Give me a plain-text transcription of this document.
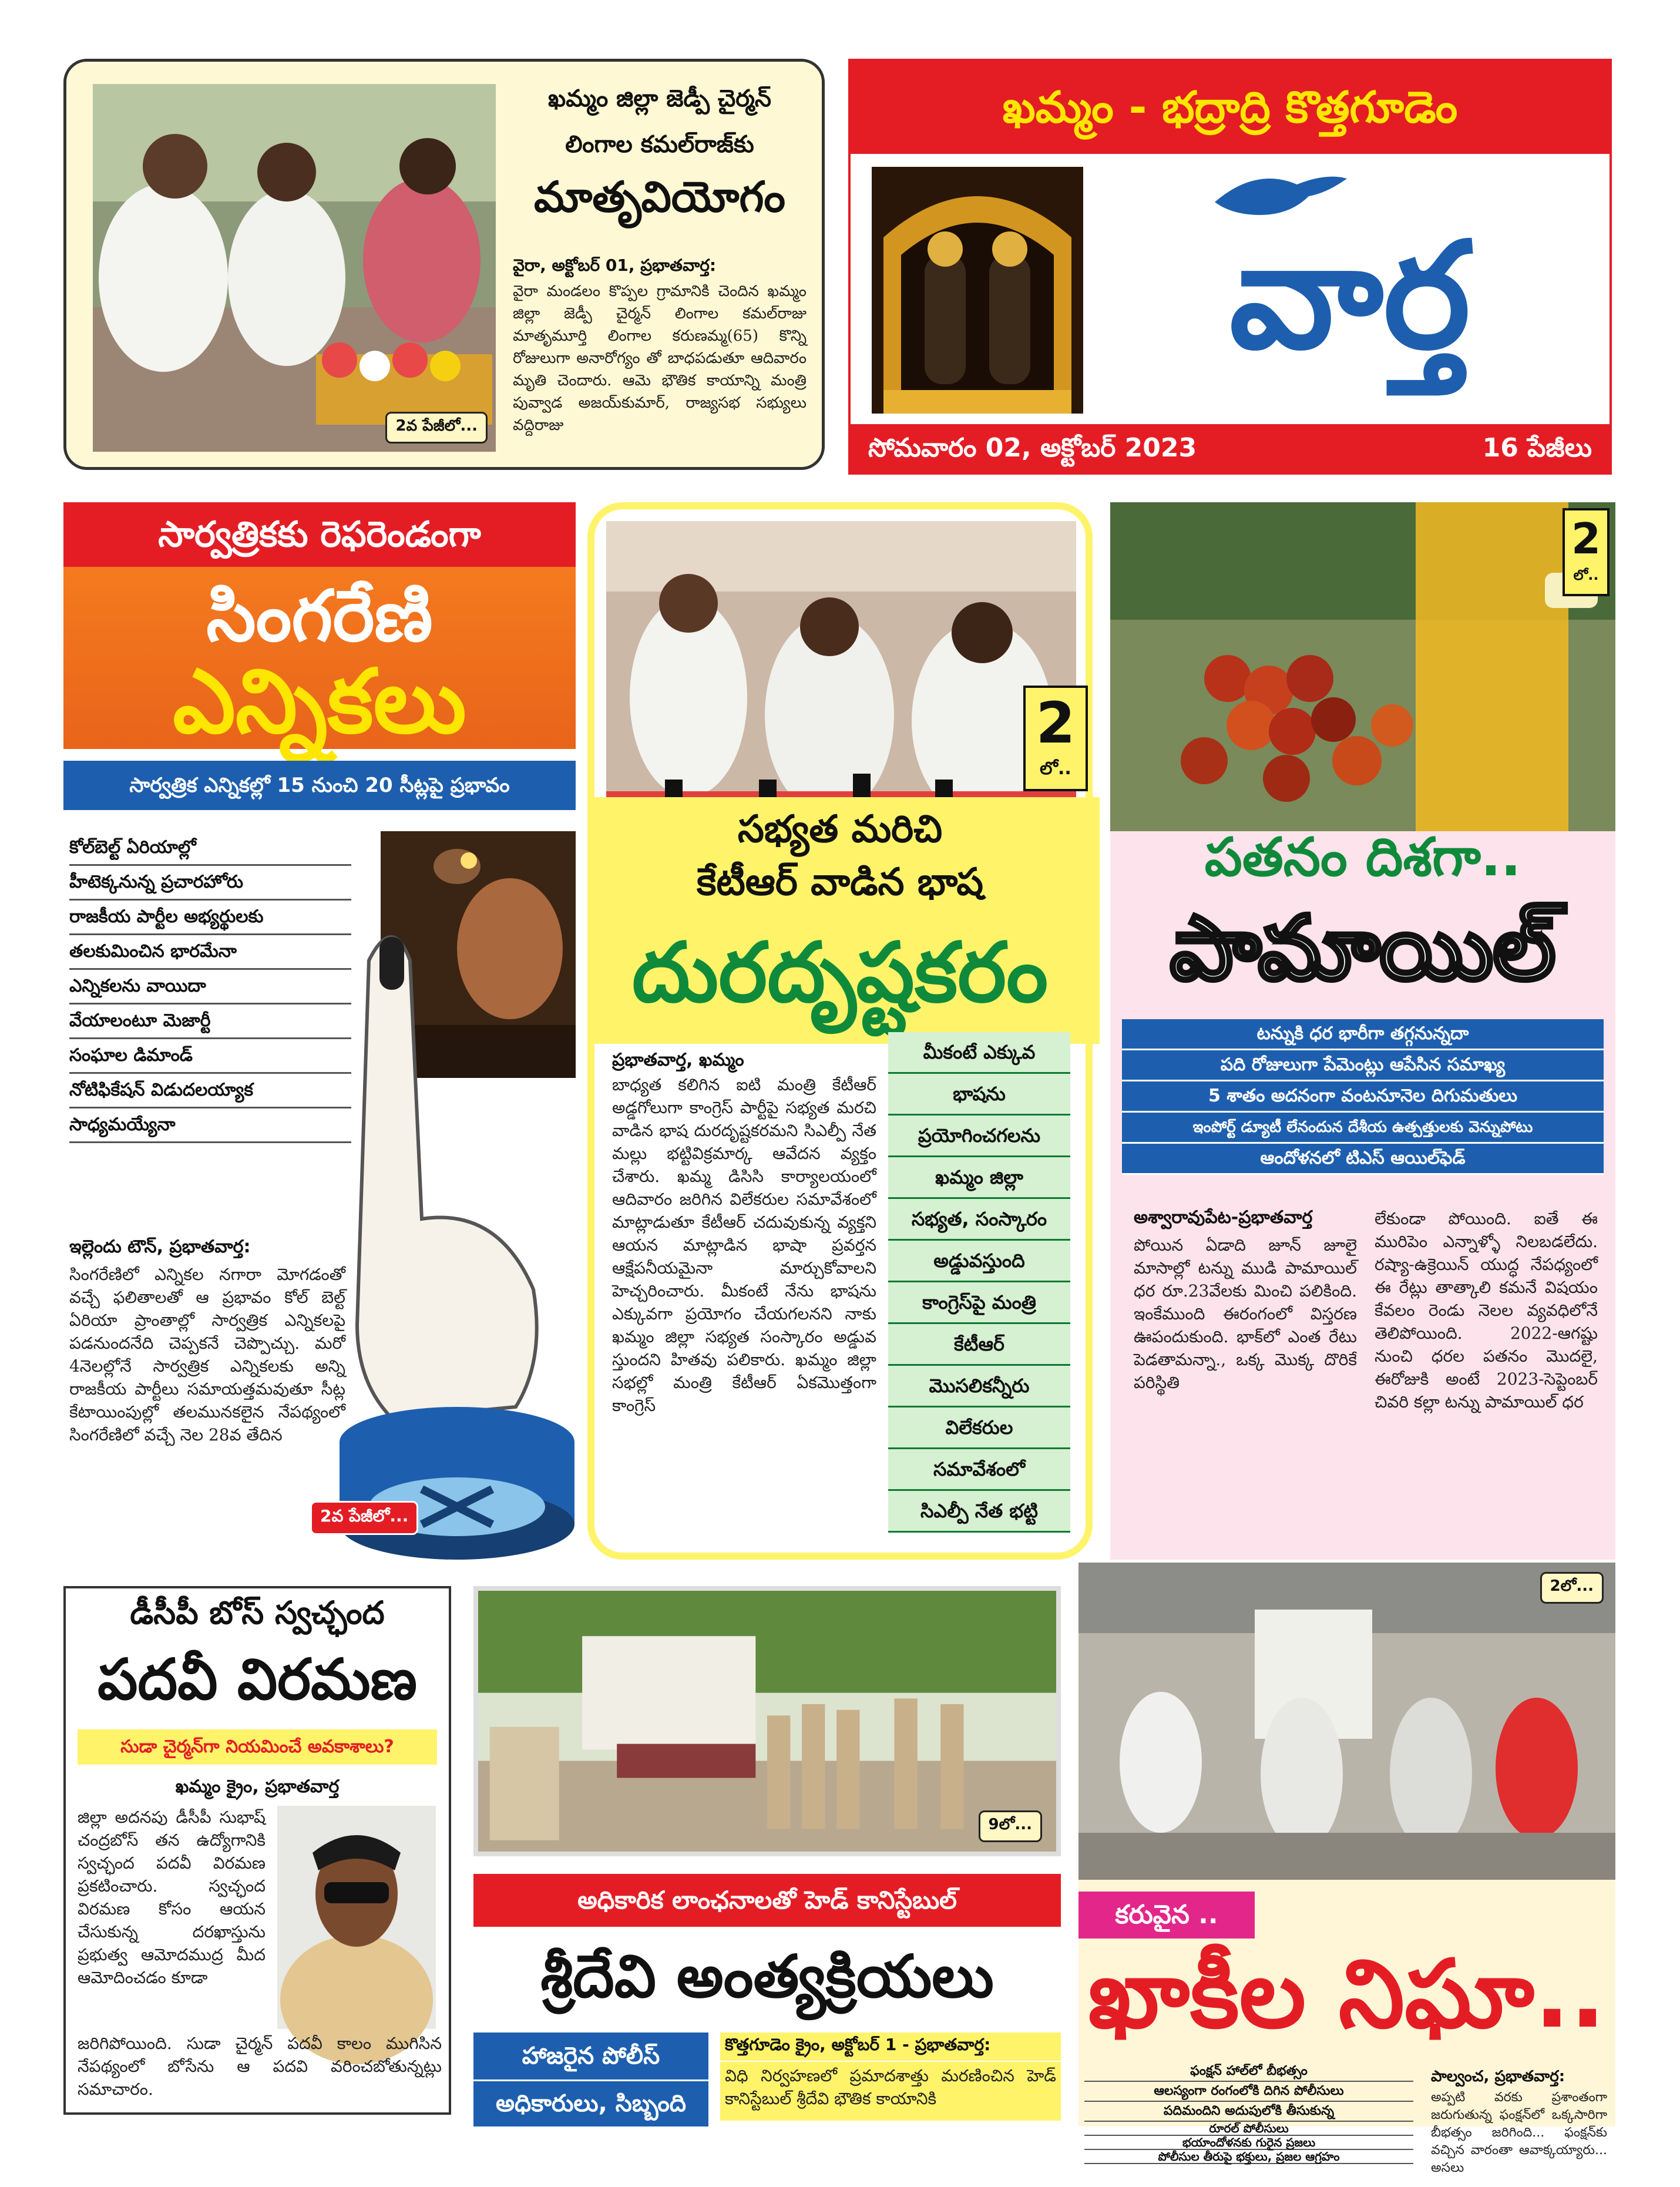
2వ పేజీలో...
ఖమ్మం జిల్లా జెడ్పీ చైర్మన్
లింగాల కమల్‌రాజ్‌కు
మాతృవియోగం
వైరా, అక్టోబర్ 01, ప్రభాతవార్త:
వైరా మండలం కొప్పల గ్రామానికి చెందిన ఖమ్మం జిల్లా జెడ్పీ చైర్మన్ లింగాల కమల్‌రాజు మాతృమూర్తి లింగాల కరుణమ్మ(65) కొన్ని రోజులుగా అనారోగ్యం తో బాధపడుతూ ఆదివారం మృతి చెందారు. ఆమె భౌతిక కాయాన్ని మంత్రి పువ్వాడ అజయ్‌కుమార్, రాజ్యసభ సభ్యులు వద్దిరాజు
ఖమ్మం - భద్రాద్రి కొత్తగూడెం
వార్త
సోమవారం 02, అక్టోబర్ 2023	16 పేజీలు
సార్వత్రికకు రెఫరెండంగా
సింగరేణి
ఎన్నికలు
సార్వత్రిక ఎన్నికల్లో 15 నుంచి 20 సీట్లపై ప్రభావం
కోల్‌బెల్ట్ ఏరియాల్లో
హీటెక్కనున్న ప్రచారహోరు
రాజకీయ పార్టీల అభ్యర్థులకు
తలకుమించిన భారమేనా
ఎన్నికలను వాయిదా
వేయాలంటూ మెజార్టీ
సంఘాల డిమాండ్
నోటిఫికేషన్ విడుదలయ్యాక
సాధ్యమయ్యేనా
ఇల్లెందు టౌన్, ప్రభాతవార్త:
సింగరేణిలో ఎన్నికల నగారా మోగడంతో వచ్చే ఫలితాలతో ఆ ప్రభావం కోల్ బెల్ట్ ఏరియా ప్రాంతాల్లో సార్వత్రిక ఎన్నికలపై పడనుందనేది చెప్పకనే చెప్పొచ్చు. మరో 4నెలల్లోనే సార్వత్రిక ఎన్నికలకు అన్ని రాజకీయ పార్టీలు సమాయత్తమవుతూ సీట్ల కేటాయింపుల్లో తలమునకలైన నేపథ్యంలో సింగరేణిలో వచ్చే నెల 28వ తేదిన
2వ పేజీలో...
2
లో..
సభ్యత మరిచి
కేటీఆర్ వాడిన భాష
దురదృష్టకరం
ప్రభాతవార్త, ఖమ్మం
బాధ్యత కలిగిన ఐటి మంత్రి కేటీఆర్ అడ్డగోలుగా కాంగ్రెస్ పార్టీపై సభ్యత మరచి వాడిన భాష దురదృష్టకరమని సిఎల్పీ నేత మల్లు భట్టివిక్రమార్క ఆవేదన వ్యక్తం చేశారు. ఖమ్మ డిసిసి కార్యాలయంలో ఆదివారం జరిగిన విలేకరుల సమావేశంలో మాట్లాడుతూ కేటీఆర్ చదువుకున్న వ్యక్తని ఆయన మాట్లాడిన భాషా ప్రవర్తన ఆక్షేపనీయమైనా మార్చుకోవాలని హెచ్చరించారు. మీకంటే నేను భాషను ఎక్కువగా ప్రయోగం చేయగలనని నాకు ఖమ్మం జిల్లా సభ్యత సంస్కారం అడ్డువ స్తుందని హితవు పలికారు. ఖమ్మం జిల్లా సభల్లో మంత్రి కేటీఆర్ ఏకమొత్తంగా కాంగ్రెస్
మీకంటే ఎక్కువ
భాషను
ప్రయోగించగలను
ఖమ్మం జిల్లా
సభ్యత, సంస్కారం
అడ్డువస్తుంది
కాంగ్రెస్‌పై మంత్రి
కేటీఆర్
మొసలికన్నీరు
విలేకరుల
సమావేశంలో
సిఎల్పీ నేత భట్టి
2
లో..
పతనం దిశగా..
పామాయిల్
టన్నుకి ధర భారీగా తగ్గనున్నదా
పది రోజులుగా పేమెంట్లు ఆపేసిన సమాఖ్య
5 శాతం అదనంగా వంటనూనెల దిగుమతులు
ఇంపోర్ట్ డ్యూటీ లేనందున దేశీయ ఉత్పత్తులకు వెన్నుపోటు
ఆందోళనలో టిఎస్ ఆయిల్‌ఫెడ్
అశ్వారావుపేట-ప్రభాతవార్త
పోయిన ఏడాది జూన్ జూలై మాసాల్లో టన్ను ముడి పామాయిల్ ధర రూ.23వేలకు మించి పలికింది. ఇంకేముంది ఈరంగంలో విస్తరణ ఊపందుకుంది. భాక్‌లో ఎంత రేటు పెడతామన్నా., ఒక్క మొక్క దొరికే పరిస్థితి
లేకుండా పోయింది. ఐతే ఈ మురిపెం ఎన్నాళ్ళో నిలబడలేదు. రష్యా-ఉక్రెయిన్ యుద్ధ నేపధ్యంలో ఈ రేట్లు తాత్కాలి కమనే విషయం కేవలం రెండు నెలల వ్యవధిలోనే తెలిపోయింది. 2022-ఆగష్టు నుంచి ధరల పతనం మొదలై, ఈరోజుకి అంటే 2023-సెప్టెంబర్ చివరి కల్లా టన్ను పామాయిల్ ధర
డీసీపీ బోస్ స్వచ్ఛంద
పదవీ విరమణ
సుడా చైర్మన్‌గా నియమించే అవకాశాలు?
ఖమ్మం క్రైం, ప్రభాతవార్త
జిల్లా అదనపు డీసీపీ సుభాష్ చంద్రబోస్ తన ఉద్యోగానికి స్వచ్ఛంద పదవీ విరమణ ప్రకటించారు. స్వచ్ఛంద విరమణ కోసం ఆయన చేసుకున్న దరఖాస్తును ప్రభుత్వ ఆమోదముద్ర మీద ఆమోదించడం కూడా
జరిగిపోయింది. సుడా చైర్మన్ పదవీ కాలం ముగిసిన నేపథ్యంలో బోసేను ఆ పదవి వరించబోతున్నట్లు సమాచారం.
9లో...
అధికారిక లాంఛనాలతో హెడ్ కానిస్టేబుల్
శ్రీదేవి అంత్యక్రియలు
హాజరైన పోలీస్
అధికారులు, సిబ్బంది
కొత్తగూడెం క్రైం, అక్టోబర్ 1 - ప్రభాతవార్త:
విధి నిర్వహణలో ప్రమాదశాత్తు మరణించిన హెడ్ కానిస్టేబుల్ శ్రీదేవి భౌతిక కాయానికి
2లో...
కరువైన ..
ఖాకీల నిఘా..
ఫంక్షన్ హాల్‌లో బీభత్సం
ఆలస్యంగా రంగంలోకి దిగిన పోలీసులు
పదిమందిని అదుపులోకి తీసుకున్న
రూరల్ పోలీసులు
భయాందోళనకు గురైన ప్రజలు
పోలీసుల తీరుపై భక్తులు, ప్రజల ఆగ్రహం
పాల్వంచ, ప్రభాతవార్త:
అప్పటి వరకు ప్రశాంతంగా జరుగుతున్న ఫంక్షన్‌లో ఒక్కసారిగా బీభత్సం జరిగింది... ఫంక్షన్‌కు వచ్చిన వారంతా ఆవాక్కయ్యారు... అసలు
